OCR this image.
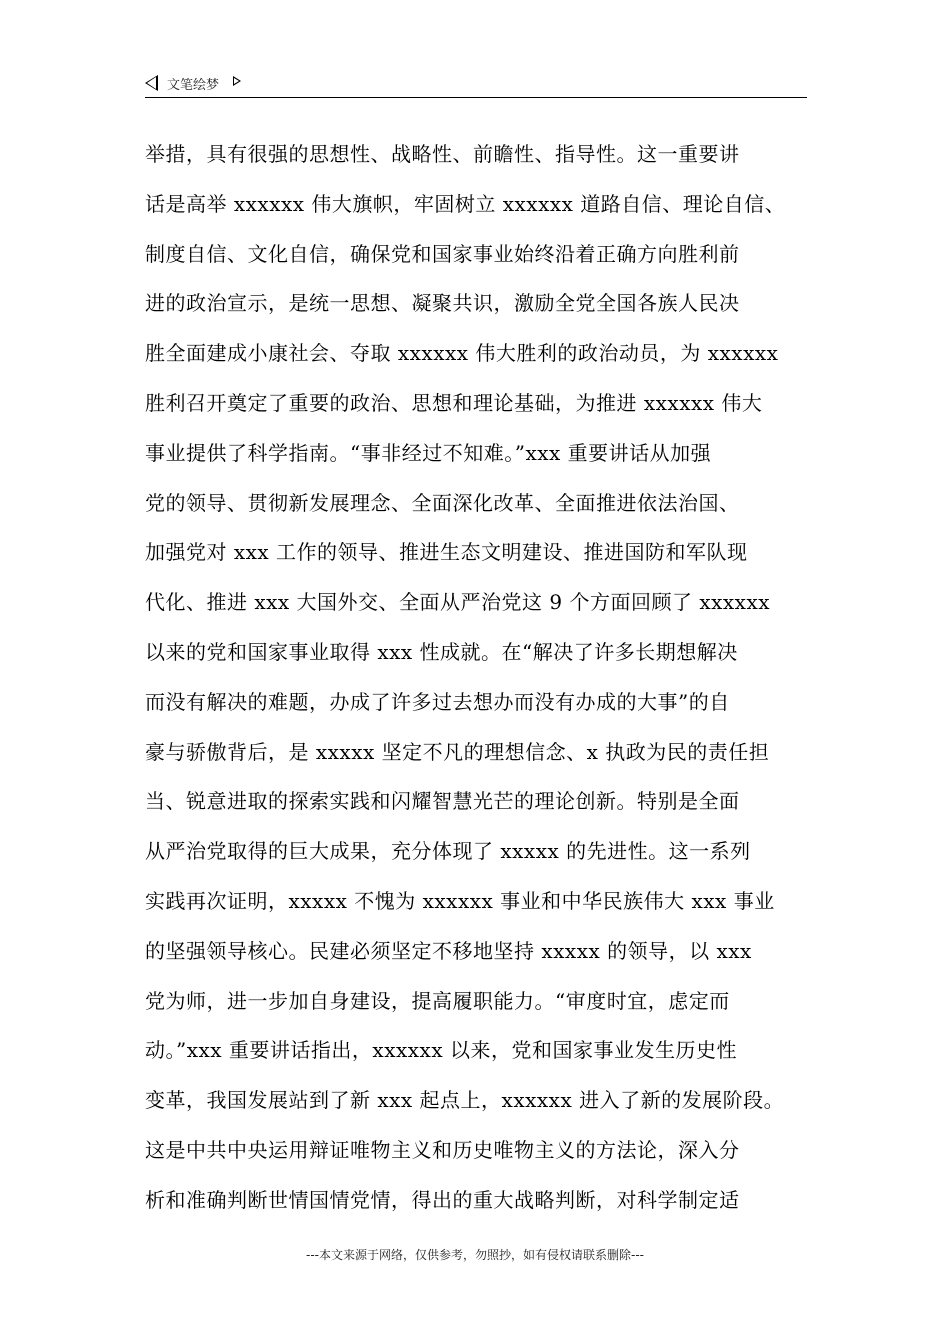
文笔绘梦
举措，具有很强的思想性、战略性、前瞻性、指导性。这一重要讲
话是高举 xxxxxx 伟大旗帜，牢固树立 xxxxxx 道路自信、理论自信、
制度自信、文化自信，确保党和国家事业始终沿着正确方向胜利前
进的政治宣示，是统一思想、凝聚共识，激励全党全国各族人民决
胜全面建成小康社会、夺取 xxxxxx 伟大胜利的政治动员，为 xxxxxx
胜利召开奠定了重要的政治、思想和理论基础，为推进 xxxxxx 伟大
事业提供了科学指南。“事非经过不知难。”xxx 重要讲话从加强
党的领导、贯彻新发展理念、全面深化改革、全面推进依法治国、
加强党对 xxx 工作的领导、推进生态文明建设、推进国防和军队现
代化、推进 xxx 大国外交、全面从严治党这 9 个方面回顾了 xxxxxx
以来的党和国家事业取得 xxx 性成就。在“解决了许多长期想解决
而没有解决的难题，办成了许多过去想办而没有办成的大事”的自
豪与骄傲背后，是 xxxxx 坚定不凡的理想信念、x 执政为民的责任担
当、锐意进取的探索实践和闪耀智慧光芒的理论创新。特别是全面
从严治党取得的巨大成果，充分体现了 xxxxx 的先进性。这一系列
实践再次证明，xxxxx 不愧为 xxxxxx 事业和中华民族伟大 xxx 事业
的坚强领导核心。民建必须坚定不移地坚持 xxxxx 的领导，以 xxx
党为师，进一步加自身建设，提高履职能力。“审度时宜，虑定而
动。”xxx 重要讲话指出，xxxxxx 以来，党和国家事业发生历史性
变革，我国发展站到了新 xxx 起点上，xxxxxx 进入了新的发展阶段。
这是中共中央运用辩证唯物主义和历史唯物主义的方法论，深入分
析和准确判断世情国情党情，得出的重大战略判断，对科学制定适
---本文来源于网络，仅供参考，勿照抄，如有侵权请联系删除---
